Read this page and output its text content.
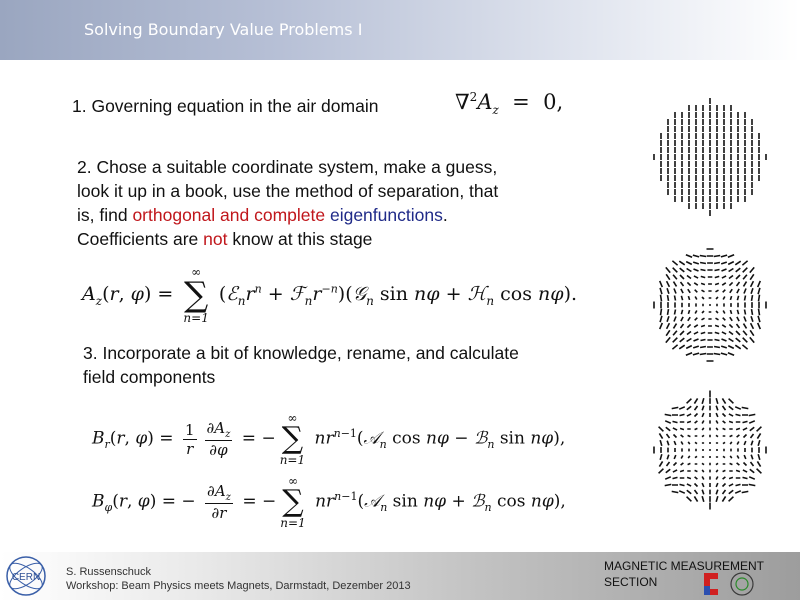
Solving Boundary Value Problems I
1. Governing equation in the air domain	$\nabla^2A_z = 0$,
2. Chose a suitable coordinate system, make a guess,
look it up in a book, use the method of separation, that
is, find orthogonal and complete eigenfunctions.
Coefficients are not know at this stage
$A_z(r$, φ) =
∞
∑
n=1
($ℰ_nr^n$ + $ℱ_nr^{-n})(𝒢_n$ sin nφ + ℋ$_n$ cos nφ).
3. Incorporate a bit of knowledge, rename, and calculate
field components
$B_r(r$, $\varphi) = \frac{1}{r} \frac{\partial A_z}{\partial\varphi}$ = −
∞
∑
n=1
$nr^{n-1}(𝒜_n$ cos nφ − ℬ$_n$ sin nφ),
$B_\varphi(r$, φ) = − $\frac{\partial A_z}{\partial r}$ = −
∞
∑
n=1
$nr^{n-1}(𝒜_n$ sin nφ + ℬ$_n$ cos nφ),
CERN S. Russenschuck
Workshop: Beam Physics meets Magnets, Darmstadt, Dezember 2013
MAGNETIC MEASUREMENT
SECTION
